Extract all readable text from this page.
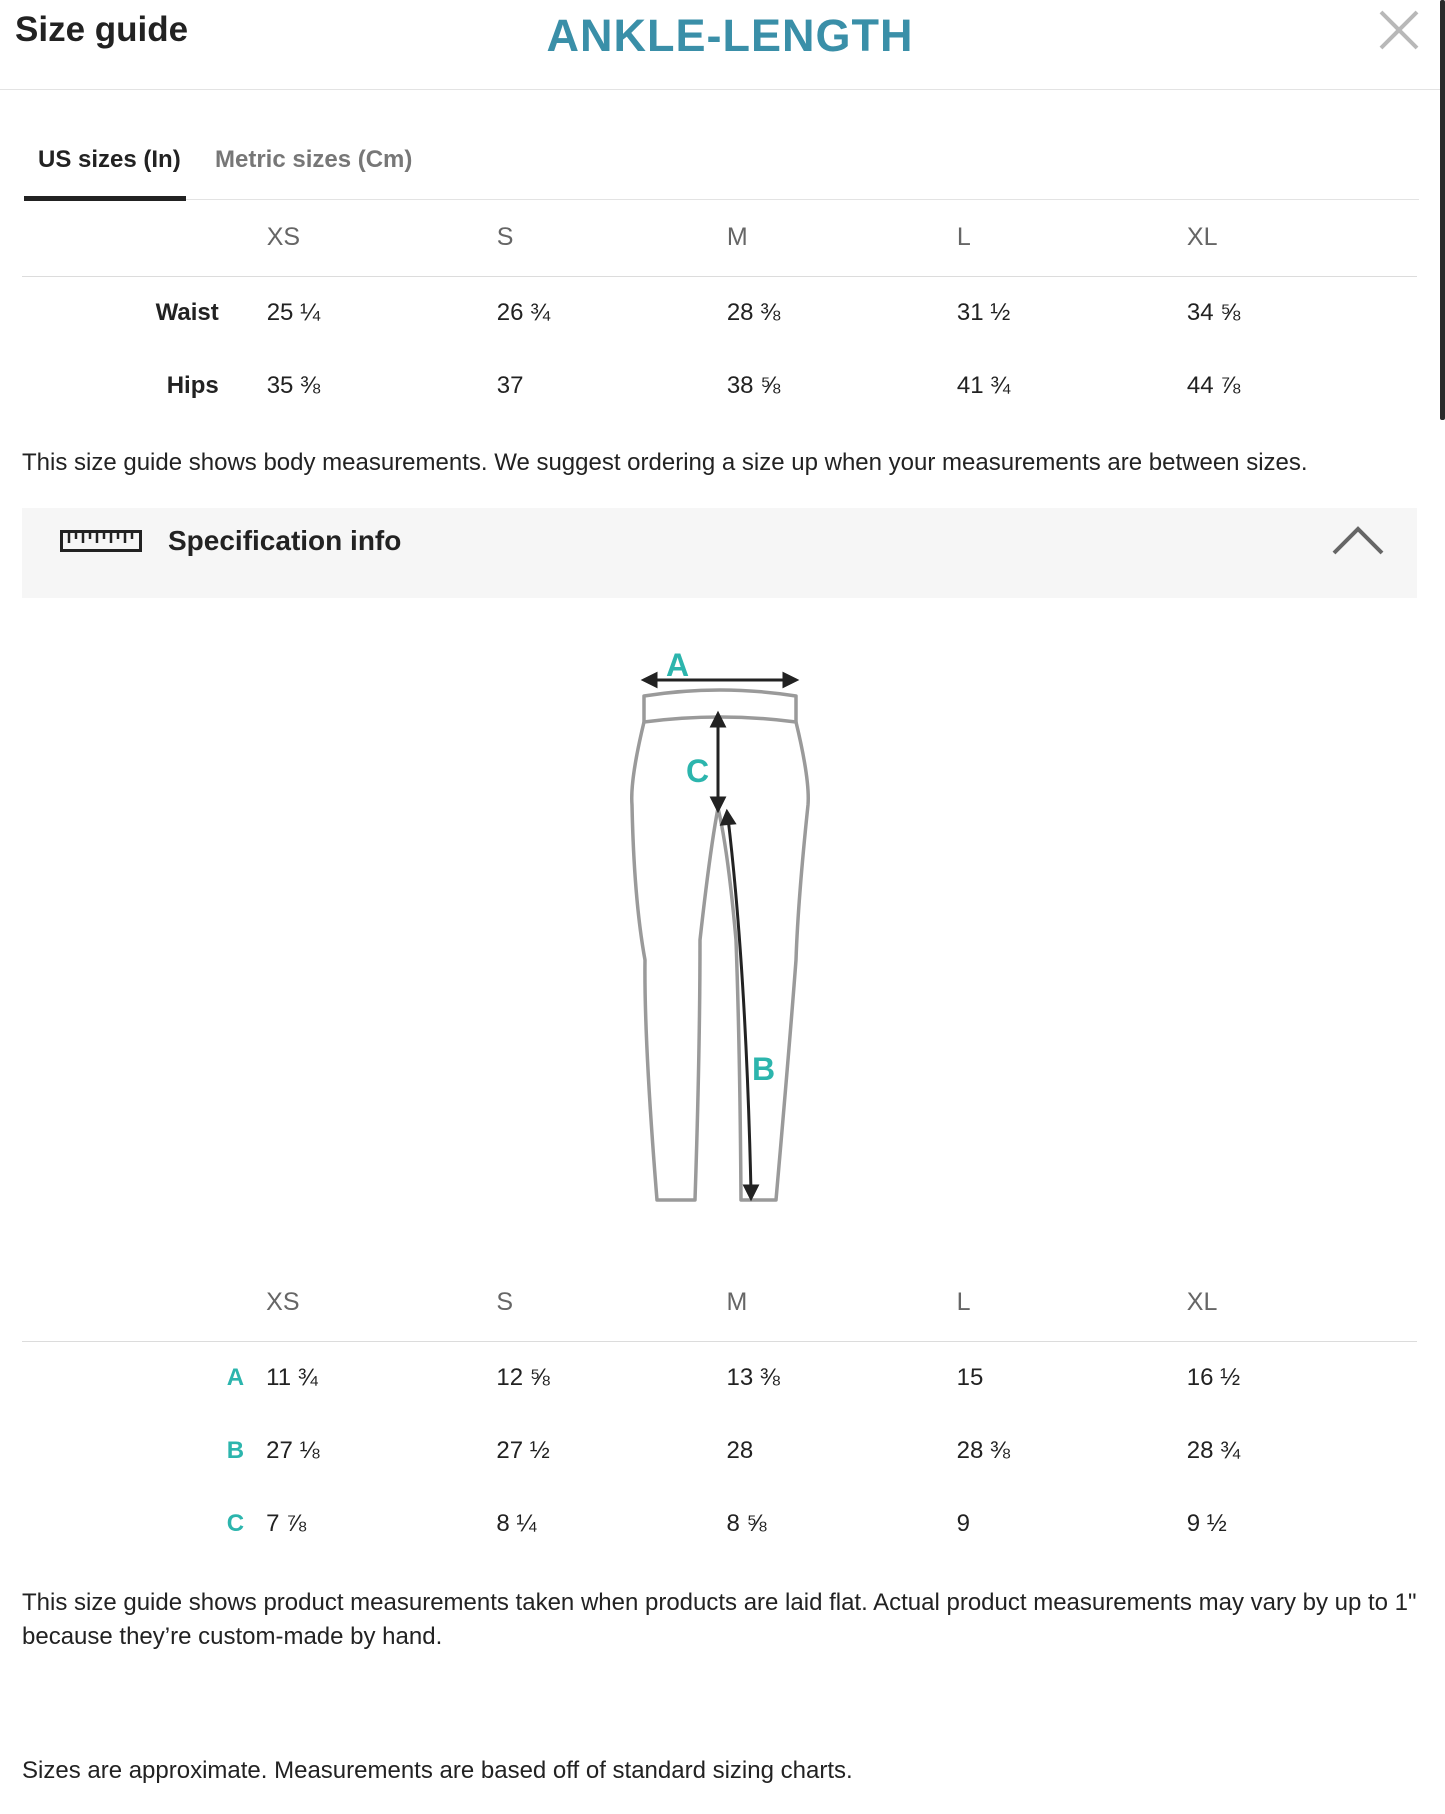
Size guide	ANKLE-LENGTH
US sizes (In) Metric sizes (Cm)
	XS	S	M	L	XL
Waist	25 ¼	26 ¾	28 ⅜	31 ½	34 ⅝
Hips	35 ⅜	37	38 ⅝	41 ¾	44 ⅞
This size guide shows body measurements. We suggest ordering a size up when your measurements are between sizes.
Specification info
A
C
B
	XS	S	M	L	XL
A	11 ¾	12 ⅝	13 ⅜	15	16 ½
B	27 ⅛	27 ½	28	28 ⅜	28 ¾
C	7 ⅞	8 ¼	8 ⅝	9	9 ½
This size guide shows product measurements taken when products are laid flat. Actual product measurements may vary by up to 1" because they’re custom-made by hand.
Sizes are approximate. Measurements are based off of standard sizing charts.
